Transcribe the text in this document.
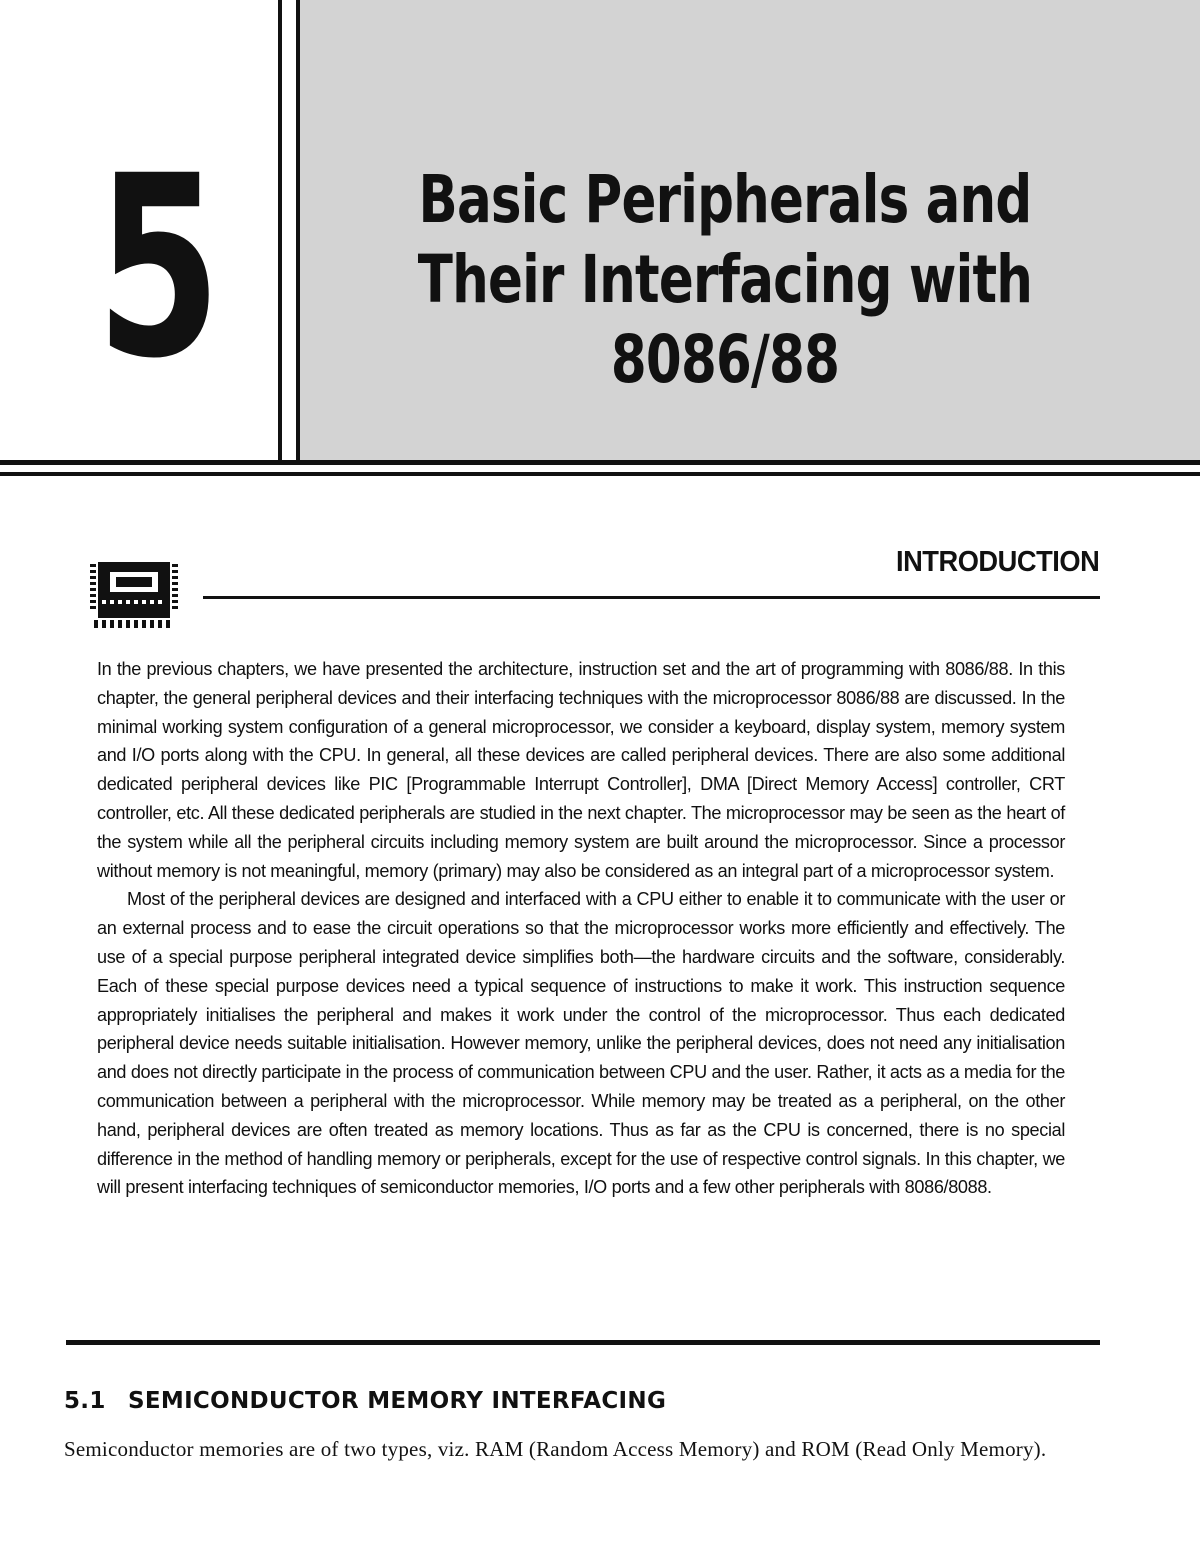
5	Basic Peripherals and
Their Interfacing with
8086/88
INTRODUCTION

In the previous chapters, we have presented the architecture, instruction set and the art of programming with 8086/88. In this chapter, the general peripheral devices and their interfacing techniques with the microprocessor 8086/88 are discussed. In the minimal working system configuration of a general microprocessor, we consider a keyboard, display system, memory system and I/O ports along with the CPU. In general, all these devices are called peripheral devices. There are also some additional dedicated peripheral devices like PIC [Programmable Interrupt Controller], DMA [Direct Memory Access] controller, CRT controller, etc. All these dedicated peripherals are studied in the next chapter. The microprocessor may be seen as the heart of the system while all the peripheral circuits including memory system are built around the microprocessor. Since a processor without memory is not meaningful, memory (primary) may also be considered as an integral part of a microprocessor system.

Most of the peripheral devices are designed and interfaced with a CPU either to enable it to communicate with the user or an external process and to ease the circuit operations so that the microprocessor works more efficiently and effectively. The use of a special purpose peripheral integrated device simplifies both—the hardware circuits and the software, considerably. Each of these special purpose devices need a typical sequence of instructions to make it work. This instruction sequence appropriately initialises the peripheral and makes it work under the control of the microprocessor. Thus each dedicated peripheral device needs suitable initialisation. However memory, unlike the peripheral devices, does not need any initialisation and does not directly participate in the process of communication between CPU and the user. Rather, it acts as a media for the communication between a peripheral with the microprocessor. While memory may be treated as a peripheral, on the other hand, peripheral devices are often treated as memory locations. Thus as far as the CPU is concerned, there is no special difference in the method of handling memory or peripherals, except for the use of respective control signals. In this chapter, we will present interfacing techniques of semiconductor memories, I/O ports and a few other peripherals with 8086/8088.

5.1 SEMICONDUCTOR MEMORY INTERFACING
Semiconductor memories are of two types, viz. RAM (Random Access Memory) and ROM (Read Only Memory).
